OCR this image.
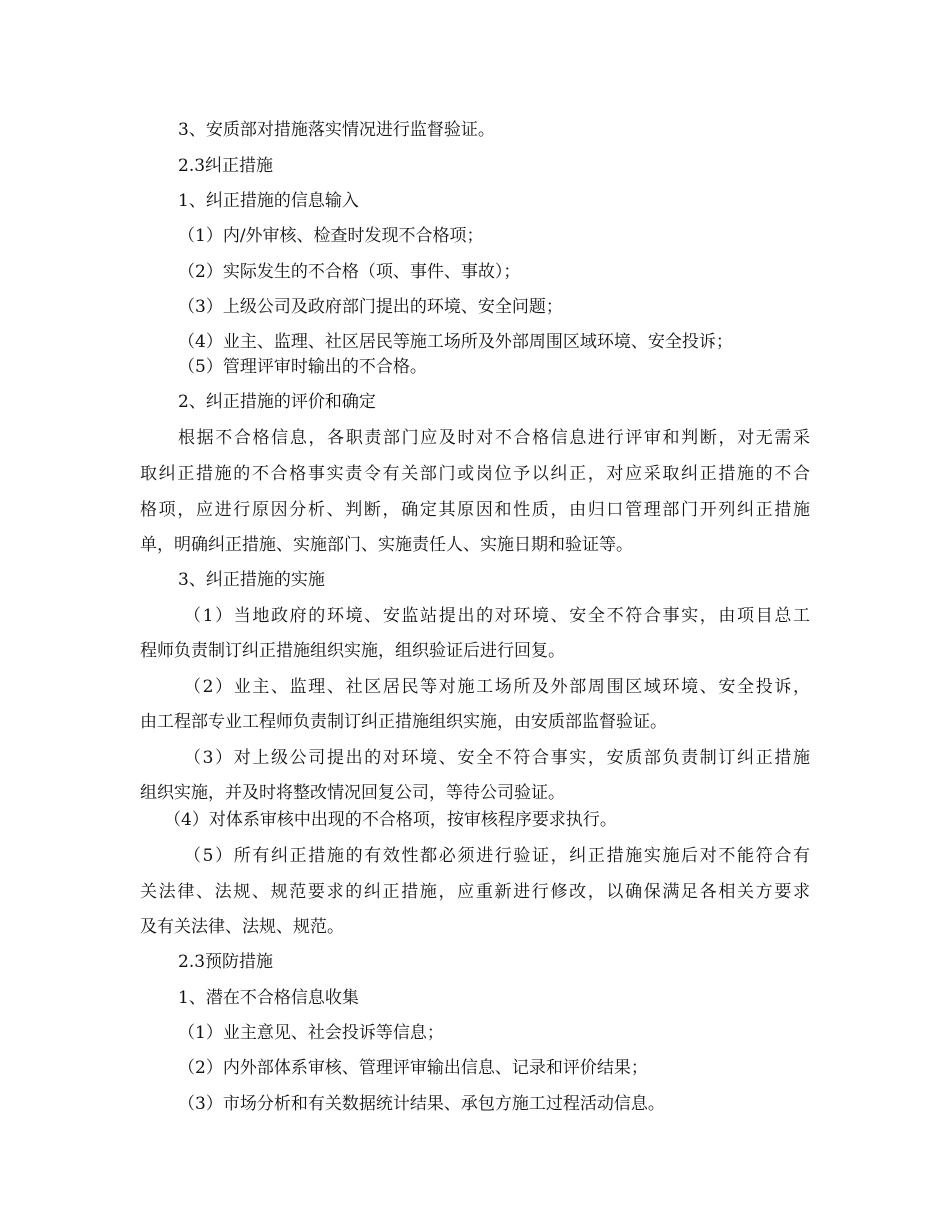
3、安质部对措施落实情况进行监督验证。
2.3纠正措施
1、纠正措施的信息输入
（1）内/外审核、检查时发现不合格项；
（2）实际发生的不合格（项、事件、事故）；
（3）上级公司及政府部门提出的环境、安全问题；
（4）业主、监理、社区居民等施工场所及外部周围区域环境、安全投诉；
（5）管理评审时输出的不合格。
2、纠正措施的评价和确定
根据不合格信息，各职责部门应及时对不合格信息进行评审和判断，对无需采
取纠正措施的不合格事实责令有关部门或岗位予以纠正，对应采取纠正措施的不合
格项，应进行原因分析、判断，确定其原因和性质，由归口管理部门开列纠正措施
单，明确纠正措施、实施部门、实施责任人、实施日期和验证等。
3、纠正措施的实施
（1）当地政府的环境、安监站提出的对环境、安全不符合事实，由项目总工
程师负责制订纠正措施组织实施，组织验证后进行回复。
（2）业主、监理、社区居民等对施工场所及外部周围区域环境、安全投诉，
由工程部专业工程师负责制订纠正措施组织实施，由安质部监督验证。
（3）对上级公司提出的对环境、安全不符合事实，安质部负责制订纠正措施
组织实施，并及时将整改情况回复公司，等待公司验证。
（4）对体系审核中出现的不合格项，按审核程序要求执行。
（5）所有纠正措施的有效性都必须进行验证，纠正措施实施后对不能符合有
关法律、法规、规范要求的纠正措施，应重新进行修改，以确保满足各相关方要求
及有关法律、法规、规范。
2.3预防措施
1、潜在不合格信息收集
（1）业主意见、社会投诉等信息；
（2）内外部体系审核、管理评审输出信息、记录和评价结果；
（3）市场分析和有关数据统计结果、承包方施工过程活动信息。
